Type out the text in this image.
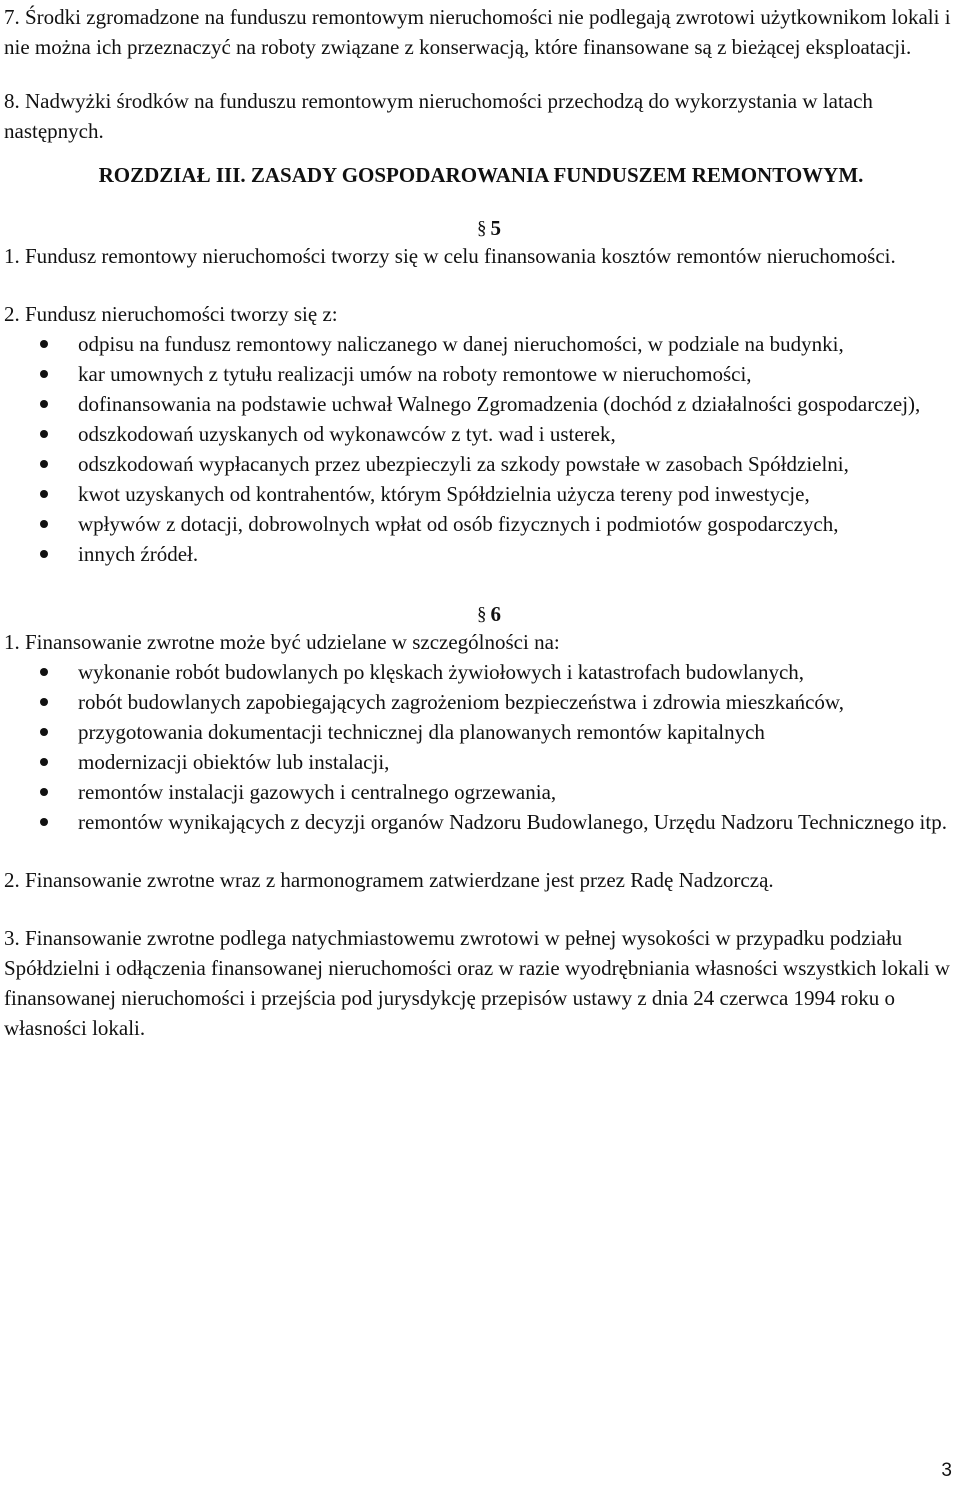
7. Środki zgromadzone na funduszu remontowym nieruchomości nie podlegają zwrotowi użytkownikom lokali i nie można ich przeznaczyć na roboty związane z konserwacją, które finansowane są z bieżącej eksploatacji.

8. Nadwyżki środków na funduszu remontowym nieruchomości przechodzą do wykorzystania w latach następnych.

ROZDZIAŁ III. ZASADY GOSPODAROWANIA FUNDUSZEM REMONTOWYM.

§ 5

1. Fundusz remontowy nieruchomości tworzy się w celu finansowania kosztów remontów nieruchomości.

2. Fundusz nieruchomości tworzy się z:

odpisu na fundusz remontowy naliczanego w danej nieruchomości, w podziale na budynki,
kar umownych z tytułu realizacji umów na roboty remontowe w nieruchomości,
dofinansowania na podstawie uchwał Walnego Zgromadzenia (dochód z działalności gospodarczej),
odszkodowań uzyskanych od wykonawców z tyt. wad i usterek,
odszkodowań wypłacanych przez ubezpieczyli za szkody powstałe w zasobach Spółdzielni,
kwot uzyskanych od kontrahentów, którym Spółdzielnia użycza tereny pod inwestycje,
wpływów z dotacji, dobrowolnych wpłat od osób fizycznych i podmiotów gospodarczych,
innych źródeł.

§ 6

1. Finansowanie zwrotne może być udzielane w szczególności na:

wykonanie robót budowlanych po klęskach żywiołowych i katastrofach budowlanych,
robót budowlanych zapobiegających zagrożeniom bezpieczeństwa i zdrowia mieszkańców,
przygotowania dokumentacji technicznej dla planowanych remontów kapitalnych
modernizacji obiektów lub instalacji,
remontów instalacji gazowych i centralnego ogrzewania,
remontów wynikających z decyzji organów Nadzoru Budowlanego, Urzędu Nadzoru Technicznego itp.

2. Finansowanie zwrotne wraz z harmonogramem zatwierdzane jest przez Radę Nadzorczą.

3. Finansowanie zwrotne podlega natychmiastowemu zwrotowi w pełnej wysokości w przypadku podziału Spółdzielni i odłączenia finansowanej nieruchomości oraz w razie wyodrębniania własności wszystkich lokali w finansowanej nieruchomości i przejścia pod jurysdykcję przepisów ustawy z dnia 24 czerwca 1994 roku o własności lokali.

3
